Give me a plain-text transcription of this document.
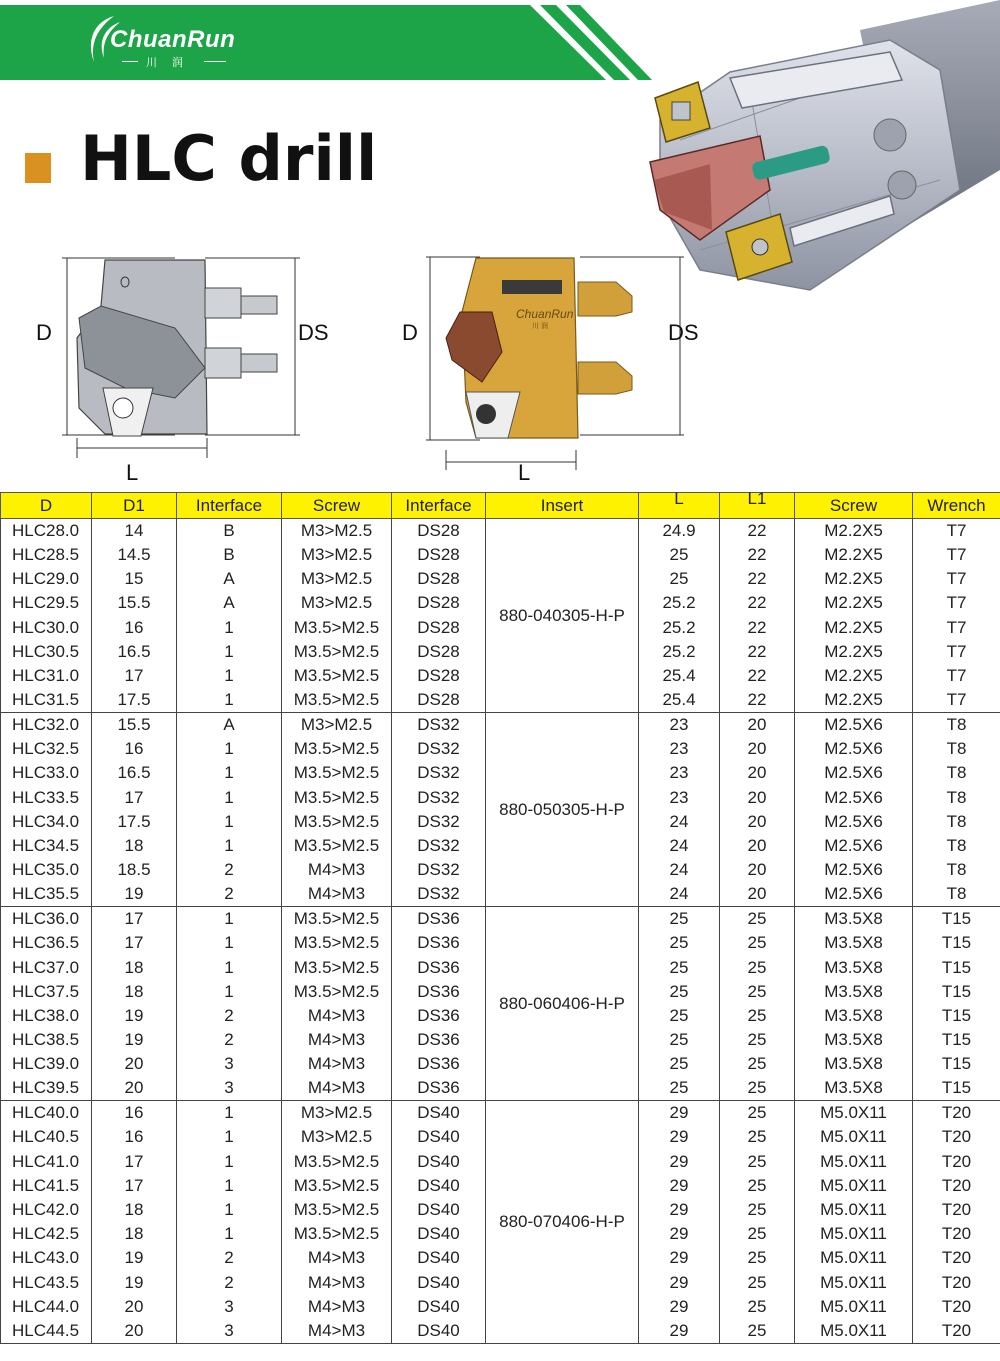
ChuanRun
川 润
HLC drill
D	DS
L
ChuanRun
川 润
D	DS
L
D	D1	Interface	Screw	Interface	Insert	L	L1	Screw	Wrench
HLC28.0	14	B	M3>M2.5	DS28	880-040305-H-P	24.9	22	M2.2X5	T7
HLC28.5	14.5	B	M3>M2.5	DS28		25	22	M2.2X5	T7
HLC29.0	15	A	M3>M2.5	DS28		25	22	M2.2X5	T7
HLC29.5	15.5	A	M3>M2.5	DS28		25.2	22	M2.2X5	T7
HLC30.0	16	1	M3.5>M2.5	DS28		25.2	22	M2.2X5	T7
HLC30.5	16.5	1	M3.5>M2.5	DS28		25.2	22	M2.2X5	T7
HLC31.0	17	1	M3.5>M2.5	DS28		25.4	22	M2.2X5	T7
HLC31.5	17.5	1	M3.5>M2.5	DS28		25.4	22	M2.2X5	T7
HLC32.0	15.5	A	M3>M2.5	DS32	880-050305-H-P	23	20	M2.5X6	T8
HLC32.5	16	1	M3.5>M2.5	DS32		23	20	M2.5X6	T8
HLC33.0	16.5	1	M3.5>M2.5	DS32		23	20	M2.5X6	T8
HLC33.5	17	1	M3.5>M2.5	DS32		23	20	M2.5X6	T8
HLC34.0	17.5	1	M3.5>M2.5	DS32		24	20	M2.5X6	T8
HLC34.5	18	1	M3.5>M2.5	DS32		24	20	M2.5X6	T8
HLC35.0	18.5	2	M4>M3	DS32		24	20	M2.5X6	T8
HLC35.5	19	2	M4>M3	DS32		24	20	M2.5X6	T8
HLC36.0	17	1	M3.5>M2.5	DS36	880-060406-H-P	25	25	M3.5X8	T15
HLC36.5	17	1	M3.5>M2.5	DS36		25	25	M3.5X8	T15
HLC37.0	18	1	M3.5>M2.5	DS36		25	25	M3.5X8	T15
HLC37.5	18	1	M3.5>M2.5	DS36		25	25	M3.5X8	T15
HLC38.0	19	2	M4>M3	DS36		25	25	M3.5X8	T15
HLC38.5	19	2	M4>M3	DS36		25	25	M3.5X8	T15
HLC39.0	20	3	M4>M3	DS36		25	25	M3.5X8	T15
HLC39.5	20	3	M4>M3	DS36		25	25	M3.5X8	T15
HLC40.0	16	1	M3>M2.5	DS40	880-070406-H-P	29	25	M5.0X11	T20
HLC40.5	16	1	M3>M2.5	DS40		29	25	M5.0X11	T20
HLC41.0	17	1	M3.5>M2.5	DS40		29	25	M5.0X11	T20
HLC41.5	17	1	M3.5>M2.5	DS40		29	25	M5.0X11	T20
HLC42.0	18	1	M3.5>M2.5	DS40		29	25	M5.0X11	T20
HLC42.5	18	1	M3.5>M2.5	DS40		29	25	M5.0X11	T20
HLC43.0	19	2	M4>M3	DS40		29	25	M5.0X11	T20
HLC43.5	19	2	M4>M3	DS40		29	25	M5.0X11	T20
HLC44.0	20	3	M4>M3	DS40		29	25	M5.0X11	T20
HLC44.5	20	3	M4>M3	DS40		29	25	M5.0X11	T20
